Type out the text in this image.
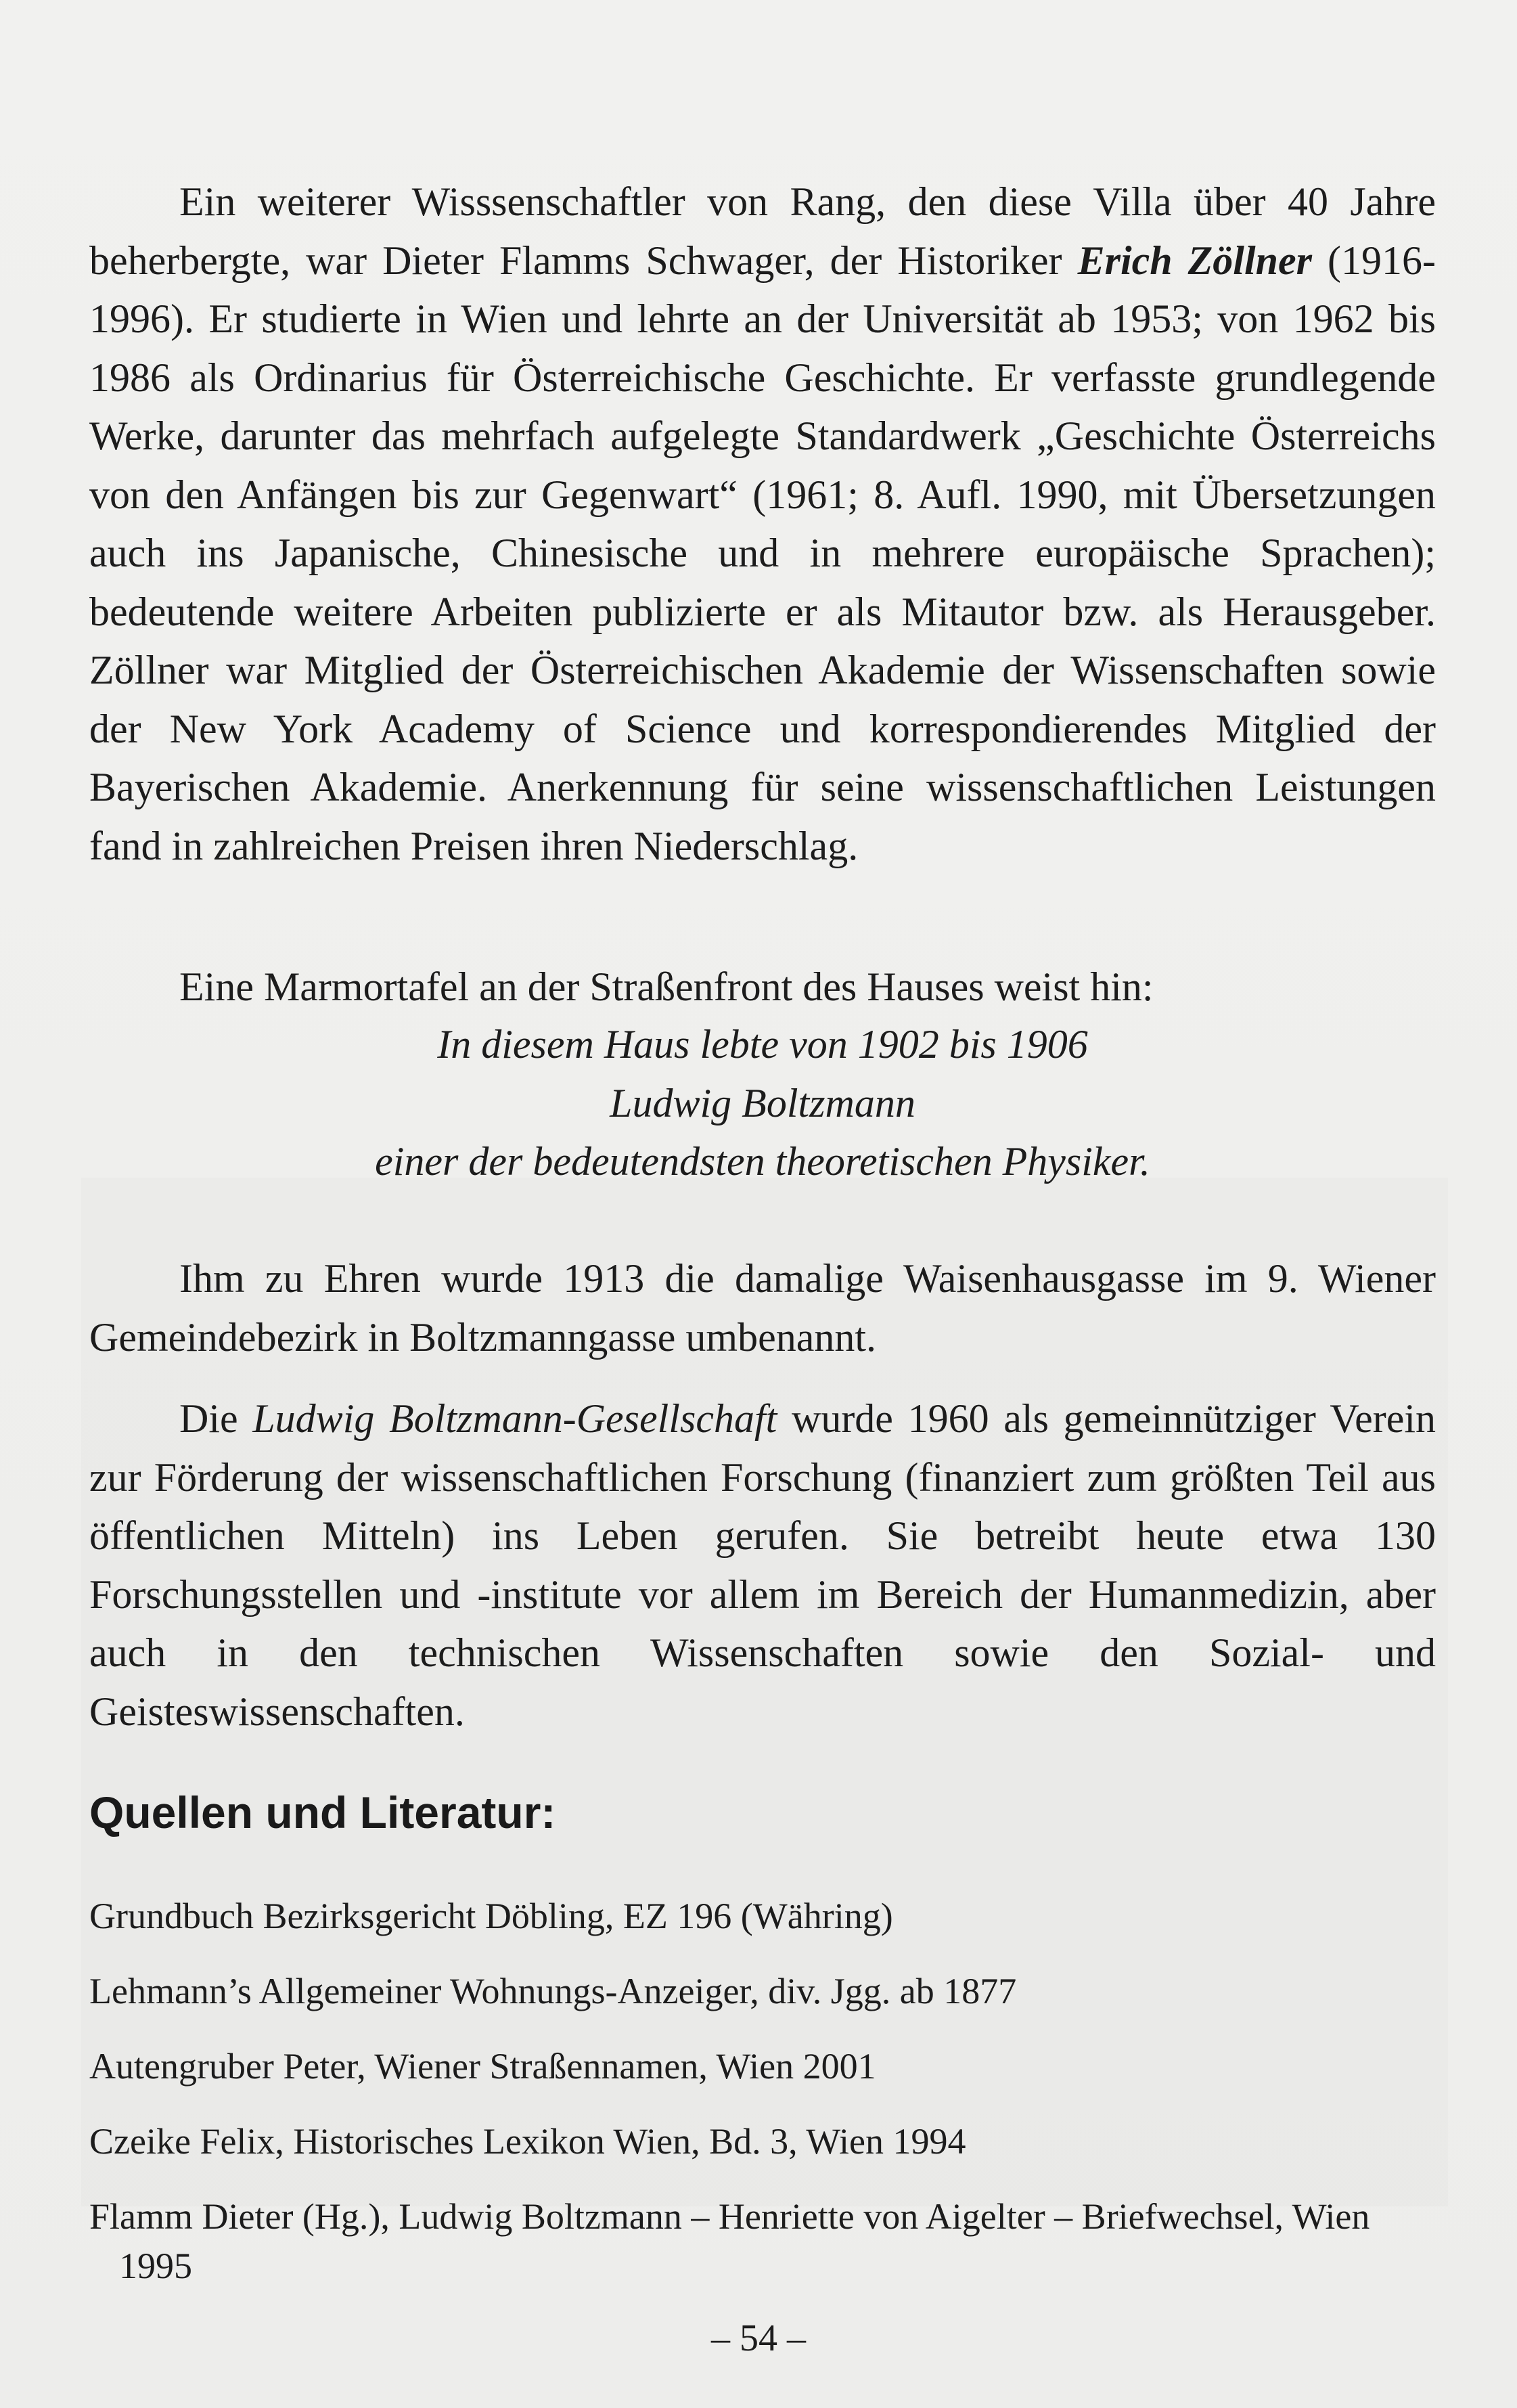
Ein weiterer Wisssenschaftler von Rang, den diese Villa über 40 Jahre beherbergte, war Dieter Flamms Schwager, der Historiker Erich Zöllner (1916-1996). Er studierte in Wien und lehrte an der Universität ab 1953; von 1962 bis 1986 als Ordinarius für Österreichische Geschichte. Er verfasste grundlegende Werke, darunter das mehrfach aufgelegte Standardwerk „Geschichte Österreichs von den Anfängen bis zur Gegenwart“ (1961; 8. Aufl. 1990, mit Übersetzungen auch ins Japanische, Chinesische und in mehrere europäische Sprachen); bedeutende weitere Arbeiten publizierte er als Mitautor bzw. als Herausgeber. Zöllner war Mitglied der Österreichischen Akademie der Wissenschaften sowie der New York Academy of Science und korrespondierendes Mitglied der Bayerischen Akademie. Anerkennung für seine wissenschaftlichen Leistungen fand in zahlreichen Preisen ihren Niederschlag.

Eine Marmortafel an der Straßenfront des Hauses weist hin:

In diesem Haus lebte von 1902 bis 1906
Ludwig Boltzmann
einer der bedeutendsten theoretischen Physiker.

Ihm zu Ehren wurde 1913 die damalige Waisenhausgasse im 9. Wiener Gemeindebezirk in Boltzmanngasse umbenannt.

Die Ludwig Boltzmann-Gesellschaft wurde 1960 als gemeinnütziger Verein zur Förderung der wissenschaftlichen Forschung (finanziert zum größten Teil aus öffentlichen Mitteln) ins Leben gerufen. Sie betreibt heute etwa 130 Forschungsstellen und -institute vor allem im Bereich der Humanmedizin, aber auch in den technischen Wissenschaften sowie den Sozial- und Geisteswissenschaften.

Quellen und Literatur:
Grundbuch Bezirksgericht Döbling, EZ 196 (Währing)
Lehmann’s Allgemeiner Wohnungs-Anzeiger, div. Jgg. ab 1877
Autengruber Peter, Wiener Straßennamen, Wien 2001
Czeike Felix, Historisches Lexikon Wien, Bd. 3, Wien 1994
Flamm Dieter (Hg.), Ludwig Boltzmann – Henriette von Aigelter – Briefwechsel, Wien 1995
– 54 –
